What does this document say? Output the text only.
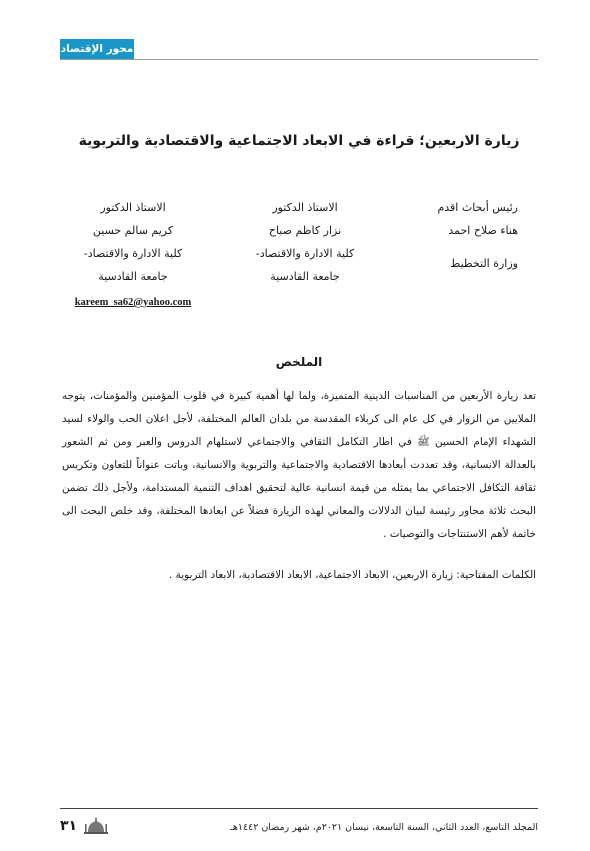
محور الإقتصاد
زيارة الاربعين؛ قراءة في الابعاد الاجتماعية والاقتصادية والتربوية
رئيس أبحاث اقدم
هناء صلاح احمد
وزارة التخطيط
الاستاذ الدكتور
نزار كاظم صباح
كلية الادارة والاقتصاد-
جامعة القادسية
الاستاذ الدكتور
كريم سالم حسين
كلية الادارة والاقتصاد-
جامعة القادسية
kareem_sa62@yahoo.com
الملخص
تعد زيارة الأربعين من المناسبات الدينية المتميزة، ولما لها أهمية كبيرة في قلوب المؤمنين والمؤمنات، يتوجه الملايين من الزوار في كل عام الى كربلاء المقدسة من بلدان العالم المختلفة، لأجل اعلان الحب والولاء لسيد الشهداء الإمام الحسين ﷺ في اطار التكامل الثقافي والاجتماعي لاستلهام الدروس والعبر ومن ثم الشعور بالعدالة الانسانية، وقد تعددت أبعادها الاقتصادية والاجتماعية والتربوية والانسانية، وباتت عنواناً للتعاون وتكريس ثقافة التكافل الاجتماعي بما يمثله من قيمة انسانية عالية لتحقيق اهداف التنمية المستدامة، ولأجل ذلك تضمن البحث ثلاثة محاور رئيسة لبيان الدلالات والمعاني لهذه الزيارة فضلاً عن ابعادها المختلفة، وقد خلص البحث الى خاتمة لأهم الاستنتاجات والتوصيات .
الكلمات المفتاحية: زيارة الاربعين، الابعاد الاجتماعية، الابعاد الاقتصادية، الابعاد التربوية .
المجلد التاسع، العدد الثاني، السنة التاسعة، نيسان ٢٠٢١م، شهر رمضان ١٤٤٢هـ
٣١
